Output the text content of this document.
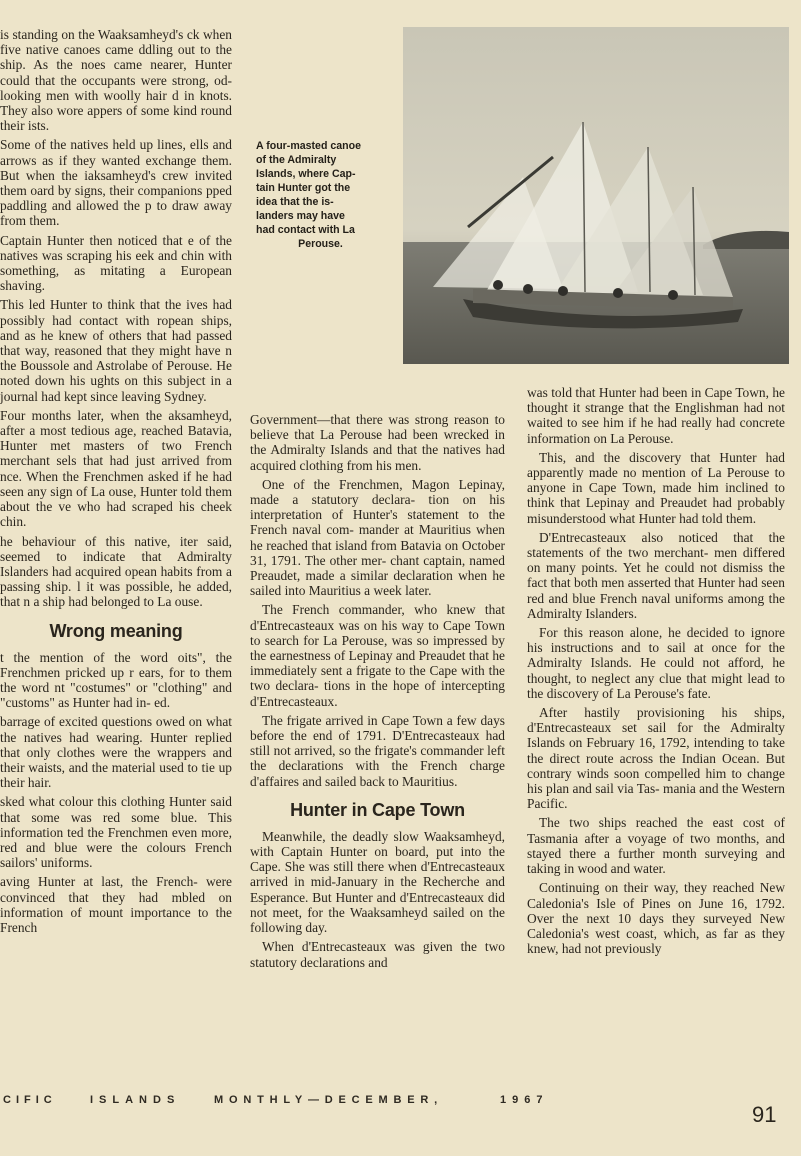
is standing on the Waaksamheyd's ck when five native canoes came ddling out to the ship. As the noes came nearer, Hunter could that the occupants were strong, od-looking men with woolly hair d in knots. They also wore appers of some kind round their ists.

Some of the natives held up lines, ells and arrows as if they wanted exchange them. But when the iaksamheyd's crew invited them oard by signs, their companions pped paddling and allowed the p to draw away from them.

Captain Hunter then noticed that e of the natives was scraping his eek and chin with something, as mitating a European shaving.

This led Hunter to think that the ives had possibly had contact with ropean ships, and as he knew of others that had passed that way, reasoned that they might have n the Boussole and Astrolabe of Perouse. He noted down his ughts on this subject in a journal had kept since leaving Sydney.

Four months later, when the aksamheyd, after a most tedious age, reached Batavia, Hunter met masters of two French merchant sels that had just arrived from nce. When the Frenchmen asked if he had seen any sign of La ouse, Hunter told them about the ve who had scraped his cheek chin.

he behaviour of this native, iter said, seemed to indicate that Admiralty Islanders had acquired opean habits from a passing ship. l it was possible, he added, that n a ship had belonged to La ouse.

Wrong meaning

t the mention of the word oits", the Frenchmen pricked up r ears, for to them the word nt "costumes" or "clothing" and "customs" as Hunter had in- ed.

barrage of excited questions owed on what the natives had wearing. Hunter replied that only clothes were the wrappers and their waists, and the material used to tie up their hair.

sked what colour this clothing Hunter said that some was red some blue. This information ted the Frenchmen even more, red and blue were the colours French sailors' uniforms.

aving Hunter at last, the French- were convinced that they had mbled on information of mount importance to the French

A four-masted canoe
of the Admiralty
Islands, where Cap-
tain Hunter got the
idea that the is-
landers may have
had contact with La
Perouse.

Government—that there was strong reason to believe that La Perouse had been wrecked in the Admiralty Islands and that the natives had acquired clothing from his men.

One of the Frenchmen, Magon Lepinay, made a statutory declara- tion on his interpretation of Hunter's statement to the French naval com- mander at Mauritius when he reached that island from Batavia on October 31, 1791. The other mer- chant captain, named Preaudet, made a similar declaration when he sailed into Mauritius a week later.

The French commander, who knew that d'Entrecasteaux was on his way to Cape Town to search for La Perouse, was so impressed by the earnestness of Lepinay and Preaudet that he immediately sent a frigate to the Cape with the two declara- tions in the hope of intercepting d'Entrecasteaux.

The frigate arrived in Cape Town a few days before the end of 1791. D'Entrecasteaux had still not arrived, so the frigate's commander left the declarations with the French charge d'affaires and sailed back to Mauritius.

Hunter in Cape Town

Meanwhile, the deadly slow Waaksamheyd, with Captain Hunter on board, put into the Cape. She was still there when d'Entrecasteaux arrived in mid-January in the Recherche and Esperance. But Hunter and d'Entrecasteaux did not meet, for the Waaksamheyd sailed on the following day.

When d'Entrecasteaux was given the two statutory declarations and

was told that Hunter had been in Cape Town, he thought it strange that the Englishman had not waited to see him if he had really had concrete information on La Perouse.

This, and the discovery that Hunter had apparently made no mention of La Perouse to anyone in Cape Town, made him inclined to think that Lepinay and Preaudet had probably misunderstood what Hunter had told them.

D'Entrecasteaux also noticed that the statements of the two merchant- men differed on many points. Yet he could not dismiss the fact that both men asserted that Hunter had seen red and blue French naval uniforms among the Admiralty Islanders.

For this reason alone, he decided to ignore his instructions and to sail at once for the Admiralty Islands. He could not afford, he thought, to neglect any clue that might lead to the discovery of La Perouse's fate.

After hastily provisioning his ships, d'Entrecasteaux set sail for the Admiralty Islands on February 16, 1792, intending to take the direct route across the Indian Ocean. But contrary winds soon compelled him to change his plan and sail via Tas- mania and the Western Pacific.

The two ships reached the east cost of Tasmania after a voyage of two months, and stayed there a further month surveying and taking in wood and water.

Continuing on their way, they reached New Caledonia's Isle of Pines on June 16, 1792. Over the next 10 days they surveyed New Caledonia's west coast, which, as far as they knew, had not previously

CIFIC	ISLANDS	MONTHLY—DECEMBER,	1967
91
